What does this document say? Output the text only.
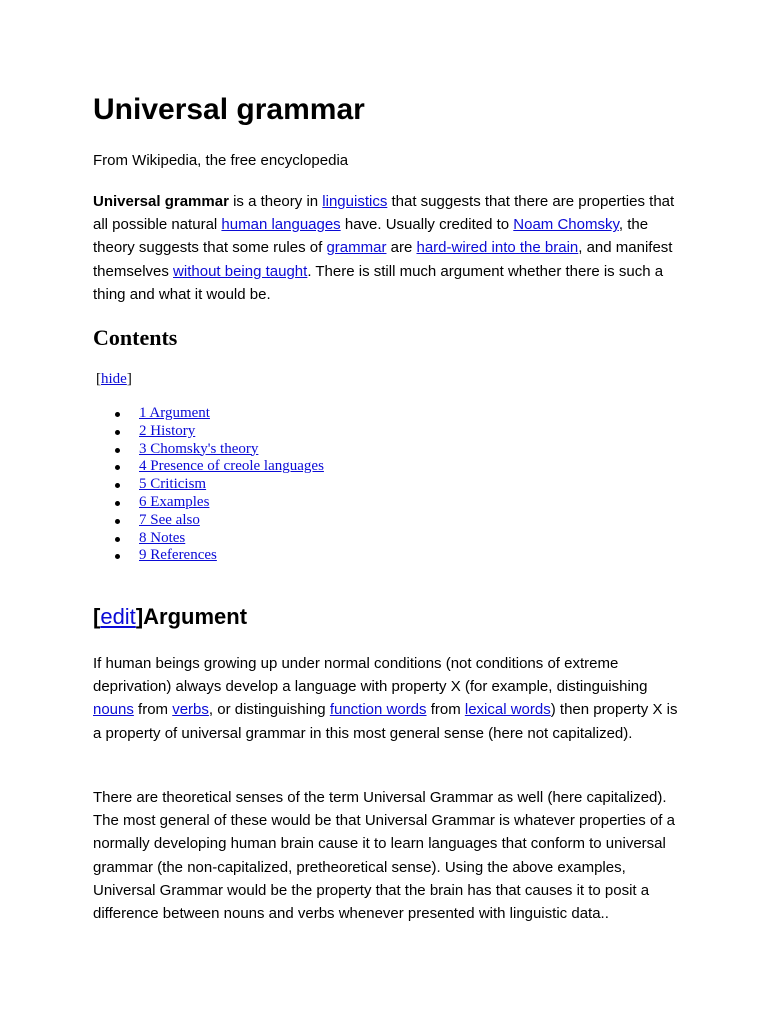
Universal grammar

From Wikipedia, the free encyclopedia

Universal grammar is a theory in linguistics that suggests that there are properties that all possible natural human languages have. Usually credited to Noam Chomsky, the theory suggests that some rules of grammar are hard-wired into the brain, and manifest themselves without being taught. There is still much argument whether there is such a thing and what it would be.

Contents
[hide]
1 Argument
2 History
3 Chomsky's theory
4 Presence of creole languages
5 Criticism
6 Examples
7 See also
8 Notes
9 References
[edit]Argument

If human beings growing up under normal conditions (not conditions of extreme deprivation) always develop a language with property X (for example, distinguishing nouns from verbs, or distinguishing function words from lexical words) then property X is a property of universal grammar in this most general sense (here not capitalized).

There are theoretical senses of the term Universal Grammar as well (here capitalized). The most general of these would be that Universal Grammar is whatever properties of a normally developing human brain cause it to learn languages that conform to universal grammar (the non-capitalized, pretheoretical sense). Using the above examples, Universal Grammar would be the property that the brain has that causes it to posit a difference between nouns and verbs whenever presented with linguistic data..
